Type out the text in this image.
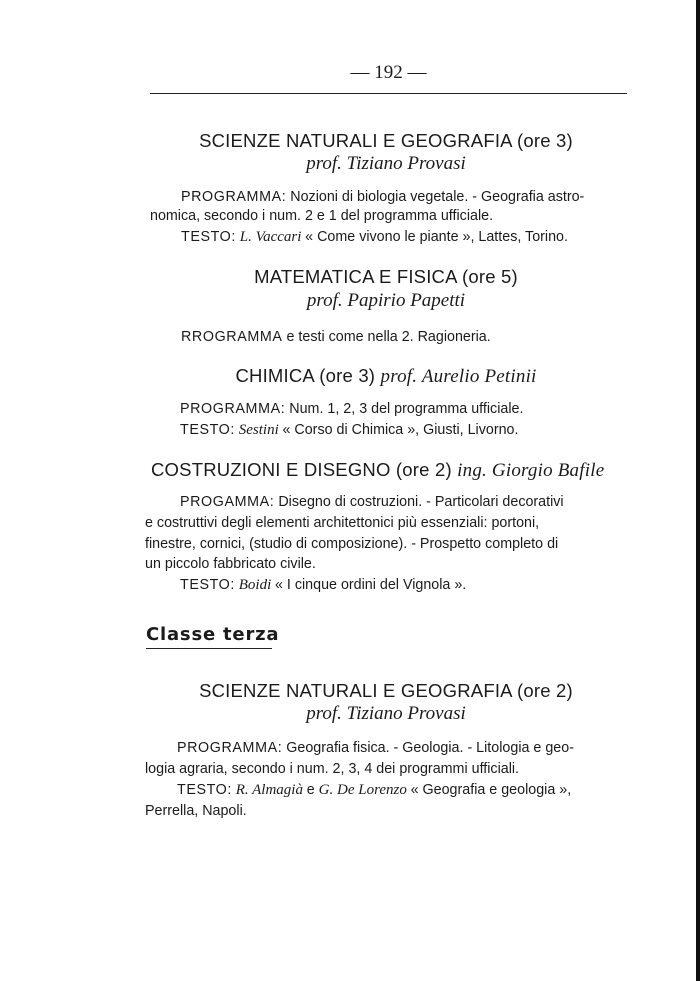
— 192 —
SCIENZE NATURALI E GEOGRAFIA (ore 3)
prof. Tiziano Provasi
PROGRAMMA: Nozioni di biologia vegetale. - Geografia astro-
nomica, secondo i num. 2 e 1 del programma ufficiale.
TESTO: L. Vaccari « Come vivono le piante », Lattes, Torino.
MATEMATICA E FISICA (ore 5)
prof. Papirio Papetti
RROGRAMMA e testi come nella 2. Ragioneria.
CHIMICA (ore 3) prof. Aurelio Petinii
PROGRAMMA: Num. 1, 2, 3 del programma ufficiale.
TESTO: Sestini « Corso di Chimica », Giusti, Livorno.
COSTRUZIONI E DISEGNO (ore 2) ing. Giorgio Bafile
PROGAMMA: Disegno di costruzioni. - Particolari decorativi
e costruttivi degli elementi architettonici più essenziali: portoni,
finestre, cornici, (studio di composizione). - Prospetto completo di
un piccolo fabbricato civile.
TESTO: Boidi « I cinque ordini del Vignola ».
Classe terza
SCIENZE NATURALI E GEOGRAFIA (ore 2)
prof. Tiziano Provasi
PROGRAMMA: Geografia fisica. - Geologia. - Litologia e geo-
logia agraria, secondo i num. 2, 3, 4 dei programmi ufficiali.
TESTO: R. Almagià e G. De Lorenzo « Geografia e geologia »,
Perrella, Napoli.
